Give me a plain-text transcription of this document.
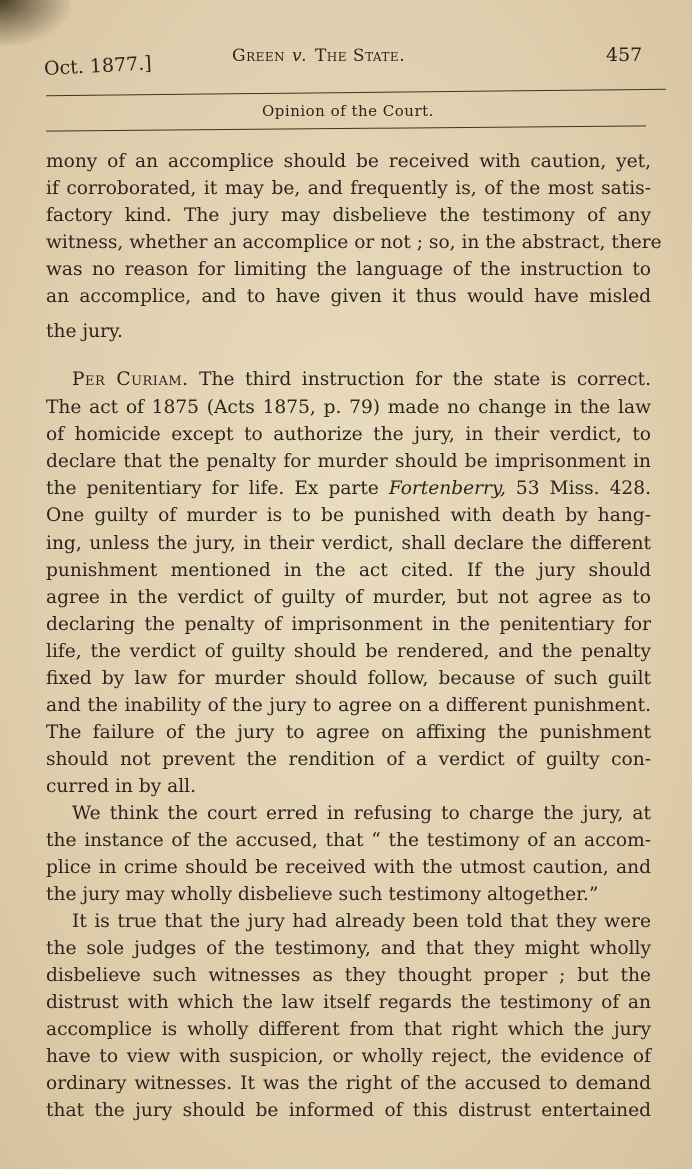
Oct. 1877.]	Green v. The State.	457
Opinion of the Court.
mony of an accomplice should be received with caution, yet,
if corroborated, it may be, and frequently is, of the most satis-
factory kind. The jury may disbelieve the testimony of any
witness, whether an accomplice or not ; so, in the abstract, there
was no reason for limiting the language of the instruction to
an accomplice, and to have given it thus would have misled
the jury.
Per Curiam. The third instruction for the state is correct.
The act of 1875 (Acts 1875, p. 79) made no change in the law
of homicide except to authorize the jury, in their verdict, to
declare that the penalty for murder should be imprisonment in
the penitentiary for life. Ex parte Fortenberry, 53 Miss. 428.
One guilty of murder is to be punished with death by hang-
ing, unless the jury, in their verdict, shall declare the different
punishment mentioned in the act cited. If the jury should
agree in the verdict of guilty of murder, but not agree as to
declaring the penalty of imprisonment in the penitentiary for
life, the verdict of guilty should be rendered, and the penalty
fixed by law for murder should follow, because of such guilt
and the inability of the jury to agree on a different punishment.
The failure of the jury to agree on affixing the punishment
should not prevent the rendition of a verdict of guilty con-
curred in by all.
We think the court erred in refusing to charge the jury, at
the instance of the accused, that “ the testimony of an accom-
plice in crime should be received with the utmost caution, and
the jury may wholly disbelieve such testimony altogether.”
It is true that the jury had already been told that they were
the sole judges of the testimony, and that they might wholly
disbelieve such witnesses as they thought proper ; but the
distrust with which the law itself regards the testimony of an
accomplice is wholly different from that right which the jury
have to view with suspicion, or wholly reject, the evidence of
ordinary witnesses. It was the right of the accused to demand
that the jury should be informed of this distrust entertained
